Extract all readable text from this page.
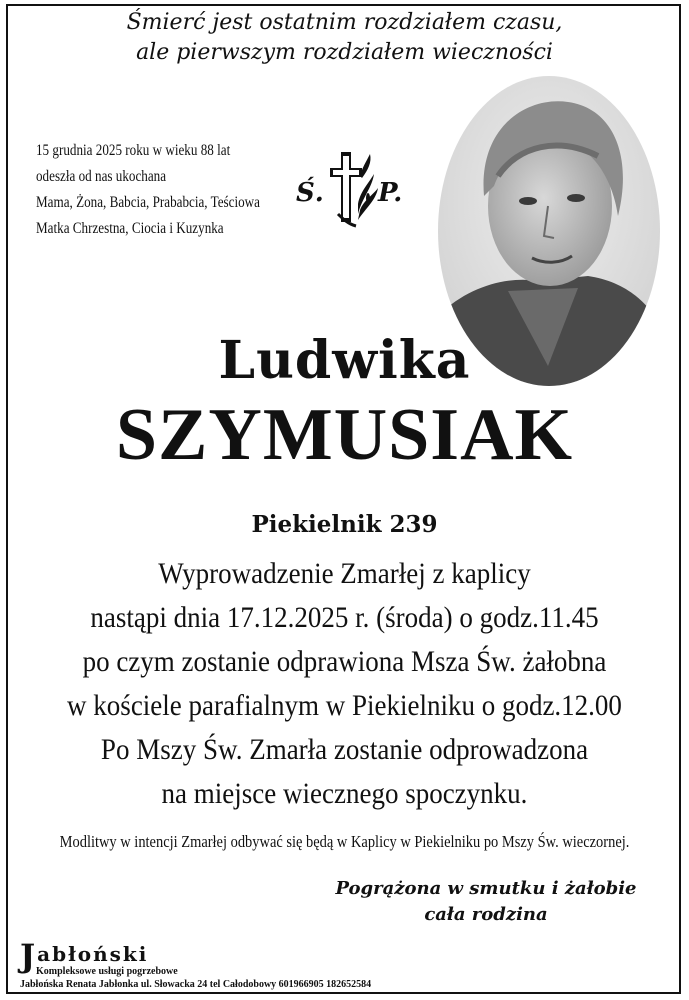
Śmierć jest ostatnim rozdziałem czasu,
ale pierwszym rozdziałem wieczności
15 grudnia 2025 roku w wieku 88 lat
odeszła od nas ukochana
Mama, Żona, Babcia, Prababcia, Teściowa
Matka Chrzestna, Ciocia i Kuzynka
Ś. P.
Ludwika
SZYMUSIAK
Piekielnik 239
Wyprowadzenie Zmarłej z kaplicy
nastąpi dnia 17.12.2025 r. (środa) o godz.11.45
po czym zostanie odprawiona Msza Św. żałobna
w kościele parafialnym w Piekielniku o godz.12.00
Po Mszy Św. Zmarła zostanie odprowadzona
na miejsce wiecznego spoczynku.
Modlitwy w intencji Zmarłej odbywać się będą w Kaplicy w Piekielniku po Mszy Św. wieczornej.
Pogrążona w smutku i żałobie
cała rodzina
Jabłoński
Kompleksowe usługi pogrzebowe
Jabłońska Renata Jabłonka ul. Słowacka 24 tel Całodobowy 601966905 182652584
